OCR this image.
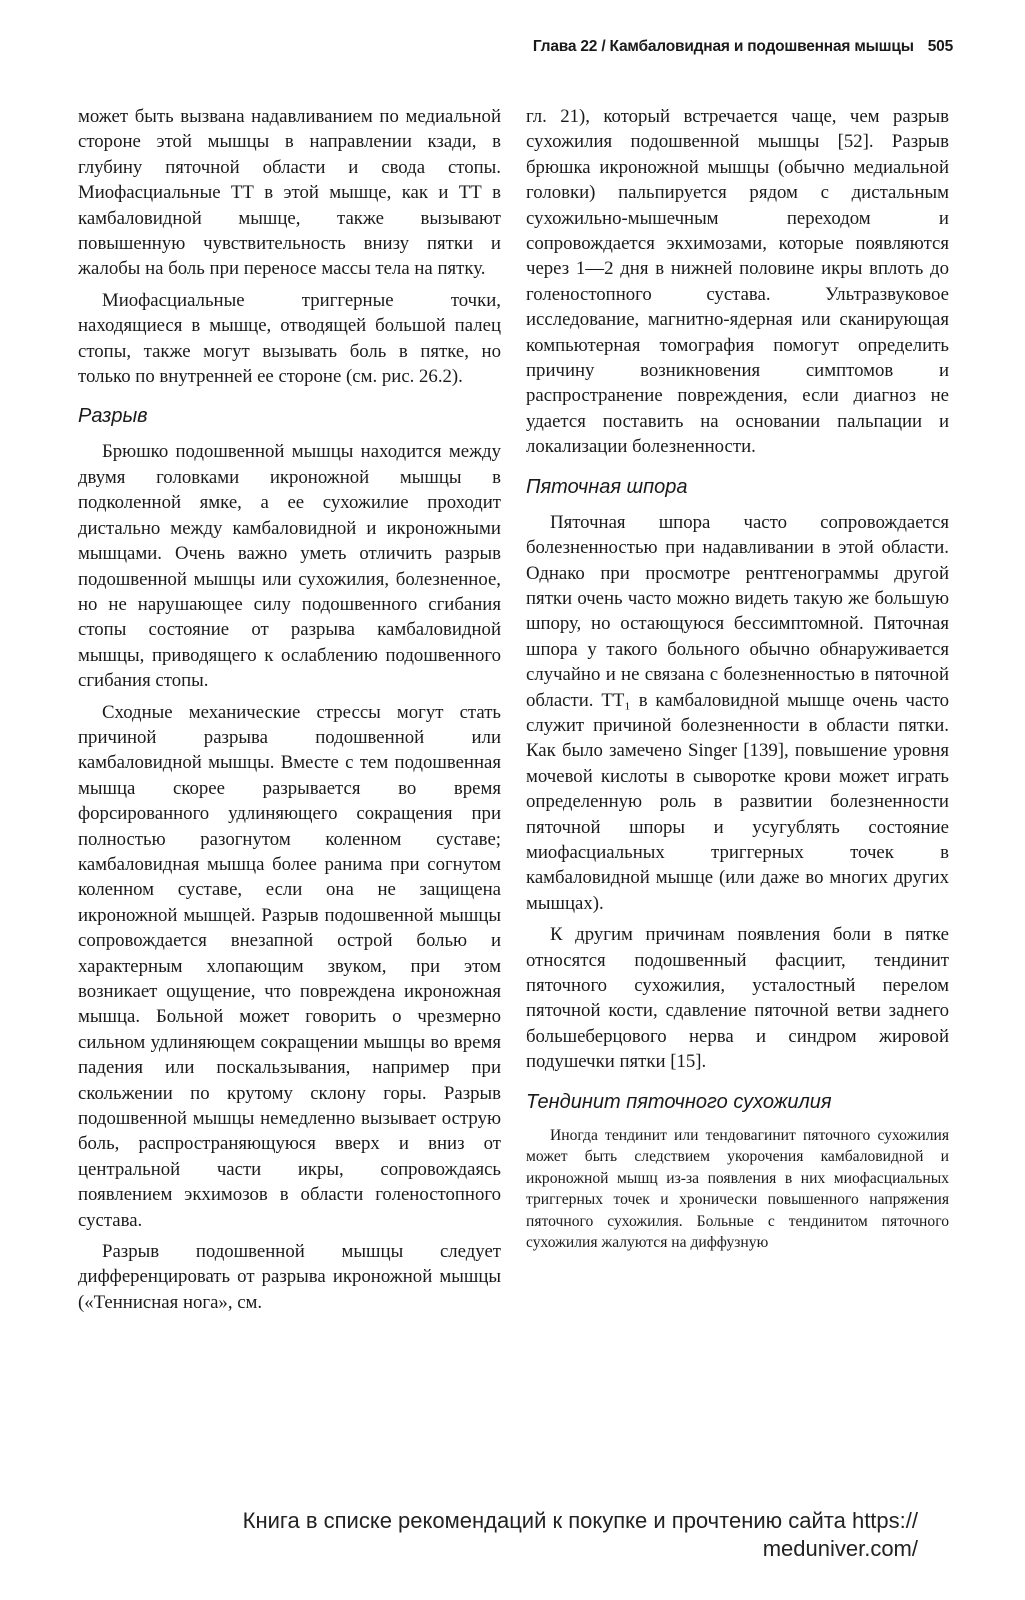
Глава 22 / Камбаловидная и подошвенная мышцы 505

может быть вызвана надавливанием по медиальной стороне этой мышцы в направлении кзади, в глубину пяточной области и свода стопы. Миофасциальные ТТ в этой мышце, как и ТТ в камбаловидной мышце, также вызывают повышенную чувствительность внизу пятки и жалобы на боль при переносе массы тела на пятку.

Миофасциальные триггерные точки, находящиеся в мышце, отводящей большой палец стопы, также могут вызывать боль в пятке, но только по внутренней ее стороне (см. рис. 26.2).

Разрыв

Брюшко подошвенной мышцы находится между двумя головками икроножной мышцы в подколенной ямке, а ее сухожилие проходит дистально между камбаловидной и икроножными мышцами. Очень важно уметь отличить разрыв подошвенной мышцы или сухожилия, болезненное, но не нарушающее силу подошвенного сгибания стопы состояние от разрыва камбаловидной мышцы, приводящего к ослаблению подошвенного сгибания стопы.

Сходные механические стрессы могут стать причиной разрыва подошвенной или камбаловидной мышцы. Вместе с тем подошвенная мышца скорее разрывается во время форсированного удлиняющего сокращения при полностью разогнутом коленном суставе; камбаловидная мышца более ранима при согнутом коленном суставе, если она не защищена икроножной мышцей. Разрыв подошвенной мышцы сопровождается внезапной острой болью и характерным хлопающим звуком, при этом возникает ощущение, что повреждена икроножная мышца. Больной может говорить о чрезмерно сильном удлиняющем сокращении мышцы во время падения или поскальзывания, например при скольжении по крутому склону горы. Разрыв подошвенной мышцы немедленно вызывает острую боль, распространяющуюся вверх и вниз от центральной части икры, сопровождаясь появлением экхимозов в области голеностопного сустава.

Разрыв подошвенной мышцы следует дифференцировать от разрыва икроножной мышцы («Теннисная нога», см.

гл. 21), который встречается чаще, чем разрыв сухожилия подошвенной мышцы [52]. Разрыв брюшка икроножной мышцы (обычно медиальной головки) пальпируется рядом с дистальным сухожильно-мышечным переходом и сопровождается экхимозами, которые появляются через 1—2 дня в нижней половине икры вплоть до голеностопного сустава. Ультразвуковое исследование, магнитно-ядерная или сканирующая компьютерная томография помогут определить причину возникновения симптомов и распространение повреждения, если диагноз не удается поставить на основании пальпации и локализации болезненности.

Пяточная шпора

Пяточная шпора часто сопровождается болезненностью при надавливании в этой области. Однако при просмотре рентгенограммы другой пятки очень часто можно видеть такую же большую шпору, но остающуюся бессимптомной. Пяточная шпора у такого больного обычно обнаруживается случайно и не связана с болезненностью в пяточной области. ТТ₁ в камбаловидной мышце очень часто служит причиной болезненности в области пятки. Как было замечено Singer [139], повышение уровня мочевой кислоты в сыворотке крови может играть определенную роль в развитии болезненности пяточной шпоры и усугублять состояние миофасциальных триггерных точек в камбаловидной мышце (или даже во многих других мышцах).

К другим причинам появления боли в пятке относятся подошвенный фасциит, тендинит пяточного сухожилия, усталостный перелом пяточной кости, сдавление пяточной ветви заднего большеберцового нерва и синдром жировой подушечки пятки [15].

Тендинит пяточного сухожилия

Иногда тендинит или тендовагинит пяточного сухожилия может быть следствием укорочения камбаловидной и икроножной мышц из-за появления в них миофасциальных триггерных точек и хронически повышенного напряжения пяточного сухожилия. Больные с тендинитом пяточного сухожилия жалуются на диффузную

Книга в списке рекомендаций к покупке и прочтению сайта https://
meduniver.com/
